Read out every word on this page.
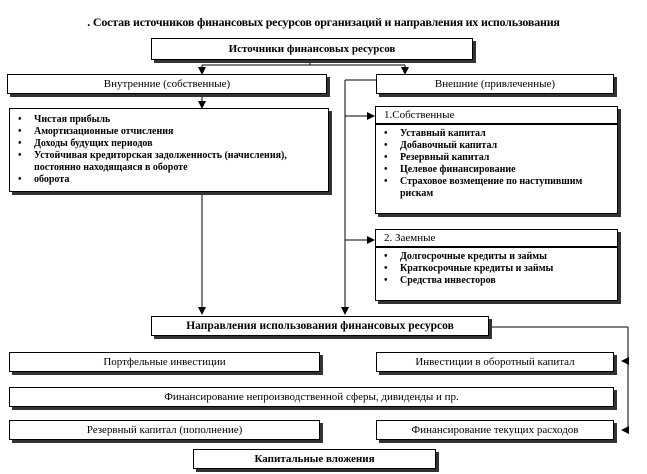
. Состав источников финансовых ресурсов организаций и направления их использования
Источники финансовых ресурсов
Внутренние (собственные)
• Чистая прибыль
• Амортизационные отчисления
• Доходы будущих периодов
• Устойчивая кредиторская задолженность (начисления), постоянно находящаяся в обороте
• оборота
Внешние (привлеченные)
1.Собственные
• Уставный капитал
• Добавочный капитал
• Резервный капитал
• Целевое финансирование
• Страховое возмещение по наступившим рискам
2. Заемные
• Долгосрочные кредиты и займы
• Краткосрочные кредиты и займы
• Средства инвесторов
Направления использования финансовых ресурсов
Портфельные инвестиции	Инвестиции в оборотный капитал
Финансирование непроизводственной сферы, дивиденды и пр.
Резервный капитал (пополнение)	Финансирование текущих расходов
Капитальные вложения
